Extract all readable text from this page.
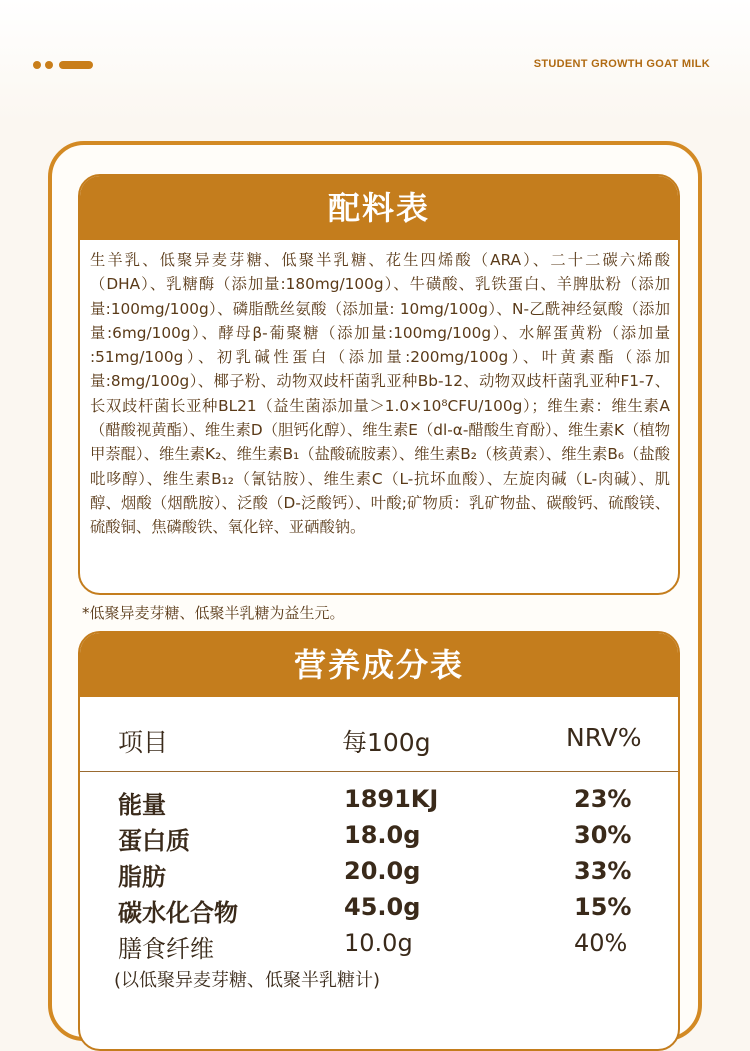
STUDENT GROWTH GOAT MILK
配料表
生羊乳、低聚异麦芽糖、低聚半乳糖、花生四烯酸（ARA）、二十二碳六烯酸（DHA）、乳糖酶（添加量:180mg/100g）、牛磺酸、乳铁蛋白、羊脾肽粉（添加量:100mg/100g）、磷脂酰丝氨酸（添加量: 10mg/100g）、N-乙酰神经氨酸（添加量:6mg/100g）、酵母β-葡聚糖（添加量:100mg/100g）、水解蛋黄粉（添加量 :51mg/100g）、初乳碱性蛋白（添加量:200mg/100g）、叶黄素酯（添加量:8mg/100g）、椰子粉、动物双歧杆菌乳亚种Bb-12、动物双歧杆菌乳亚种F1-7、长双歧杆菌长亚种BL21（益生菌添加量＞1.0×10⁸CFU/100g）；维生素：维生素A（醋酸视黄酯）、维生素D（胆钙化醇）、维生素E（dl-α-醋酸生育酚）、维生素K（植物甲萘醌）、维生素K₂、维生素B₁（盐酸硫胺素）、维生素B₂（核黄素）、维生素B₆（盐酸吡哆醇）、维生素B₁₂（氰钴胺）、维生素C（L-抗坏血酸）、左旋肉碱（L-肉碱）、肌醇、烟酸（烟酰胺）、泛酸（D-泛酸钙）、叶酸;矿物质：乳矿物盐、碳酸钙、硫酸镁、硫酸铜、焦磷酸铁、氧化锌、亚硒酸钠。
*低聚异麦芽糖、低聚半乳糖为益生元。
营养成分表
项目	每100g	NRV%
能量	1891KJ	23%
蛋白质	18.0g	30%
脂肪	20.0g	33%
碳水化合物	45.0g	15%
膳食纤维	10.0g	40%
(以低聚异麦芽糖、低聚半乳糖计)
